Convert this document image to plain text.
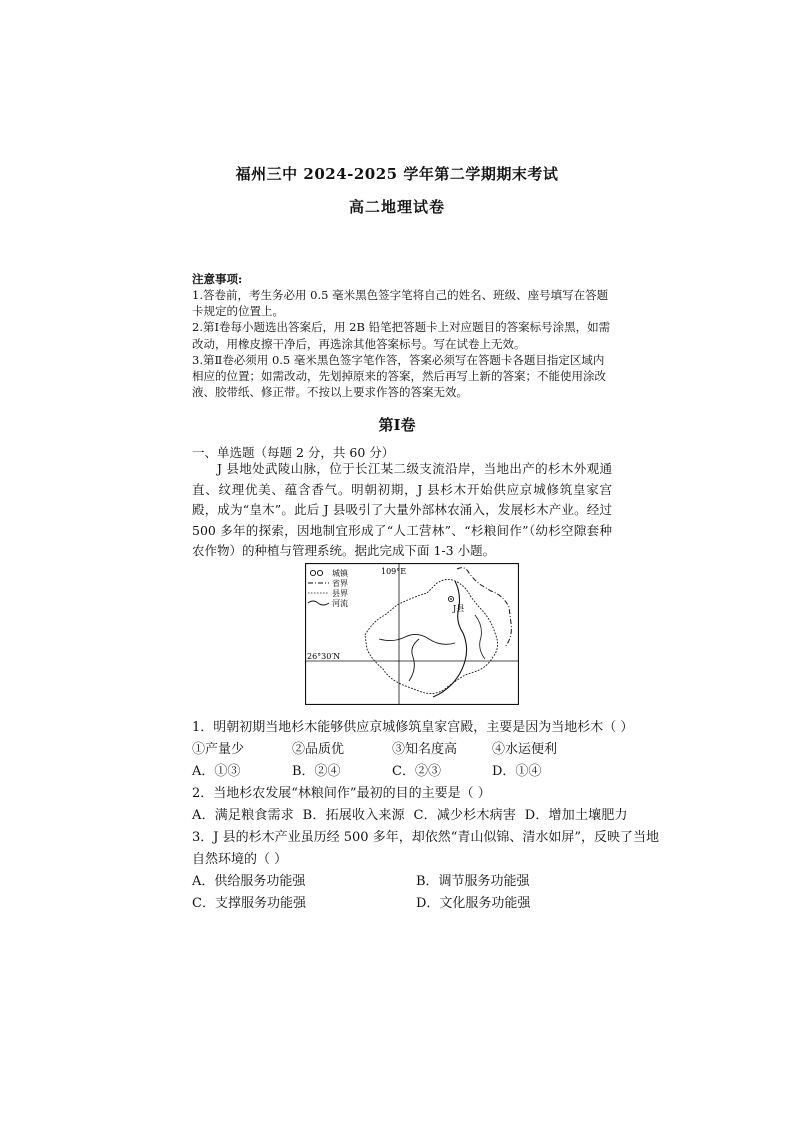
福州三中 2024-2025 学年第二学期期末考试
高二地理试卷
注意事项:

1.答卷前，考生务必用 0.5 毫米黑色签字笔将自己的姓名、班级、座号填写在答题卡规定的位置上。

2.第Ⅰ卷每小题选出答案后，用 2B 铅笔把答题卡上对应题目的答案标号涂黑，如需改动，用橡皮擦干净后，再选涂其他答案标号。写在试卷上无效。

3.第Ⅱ卷必须用 0.5 毫米黑色签字笔作答，答案必须写在答题卡各题目指定区域内相应的位置；如需改动，先划掉原来的答案，然后再写上新的答案；不能使用涂改液、胶带纸、修正带。不按以上要求作答的答案无效。

第Ⅰ卷
一、单选题（每题 2 分，共 60 分）

J 县地处武陵山脉，位于长江某二级支流沿岸，当地出产的杉木外观通直、纹理优美、蕴含香气。明朝初期，J 县杉木开始供应京城修筑皇家宫殿，成为“皇木”。此后 J 县吸引了大量外部林农涌入，发展杉木产业。经过 500 多年的探索，因地制宜形成了“人工营林”、“杉粮间作”（幼杉空隙套种农作物）的种植与管理系统。据此完成下面 1-3 小题。

城镇
省界
县界
河流
109°E
26°30′N
J县
1．明朝初期当地杉木能够供应京城修筑皇家宫殿，主要是因为当地杉木（ ）
①产量少	②品质优	③知名度高	④水运便利
A．①③	B．②④	C．②③	D．①④
2．当地杉农发展“林粮间作”最初的目的主要是（ ）
A．满足粮食需求 B．拓展收入来源 C．减少杉木病害 D．增加土壤肥力
3．J 县的杉木产业虽历经 500 多年，却依然“青山似锦、清水如屏”，反映了当地
自然环境的（ ）
A．供给服务功能强	B．调节服务功能强
C．支撑服务功能强	D．文化服务功能强
